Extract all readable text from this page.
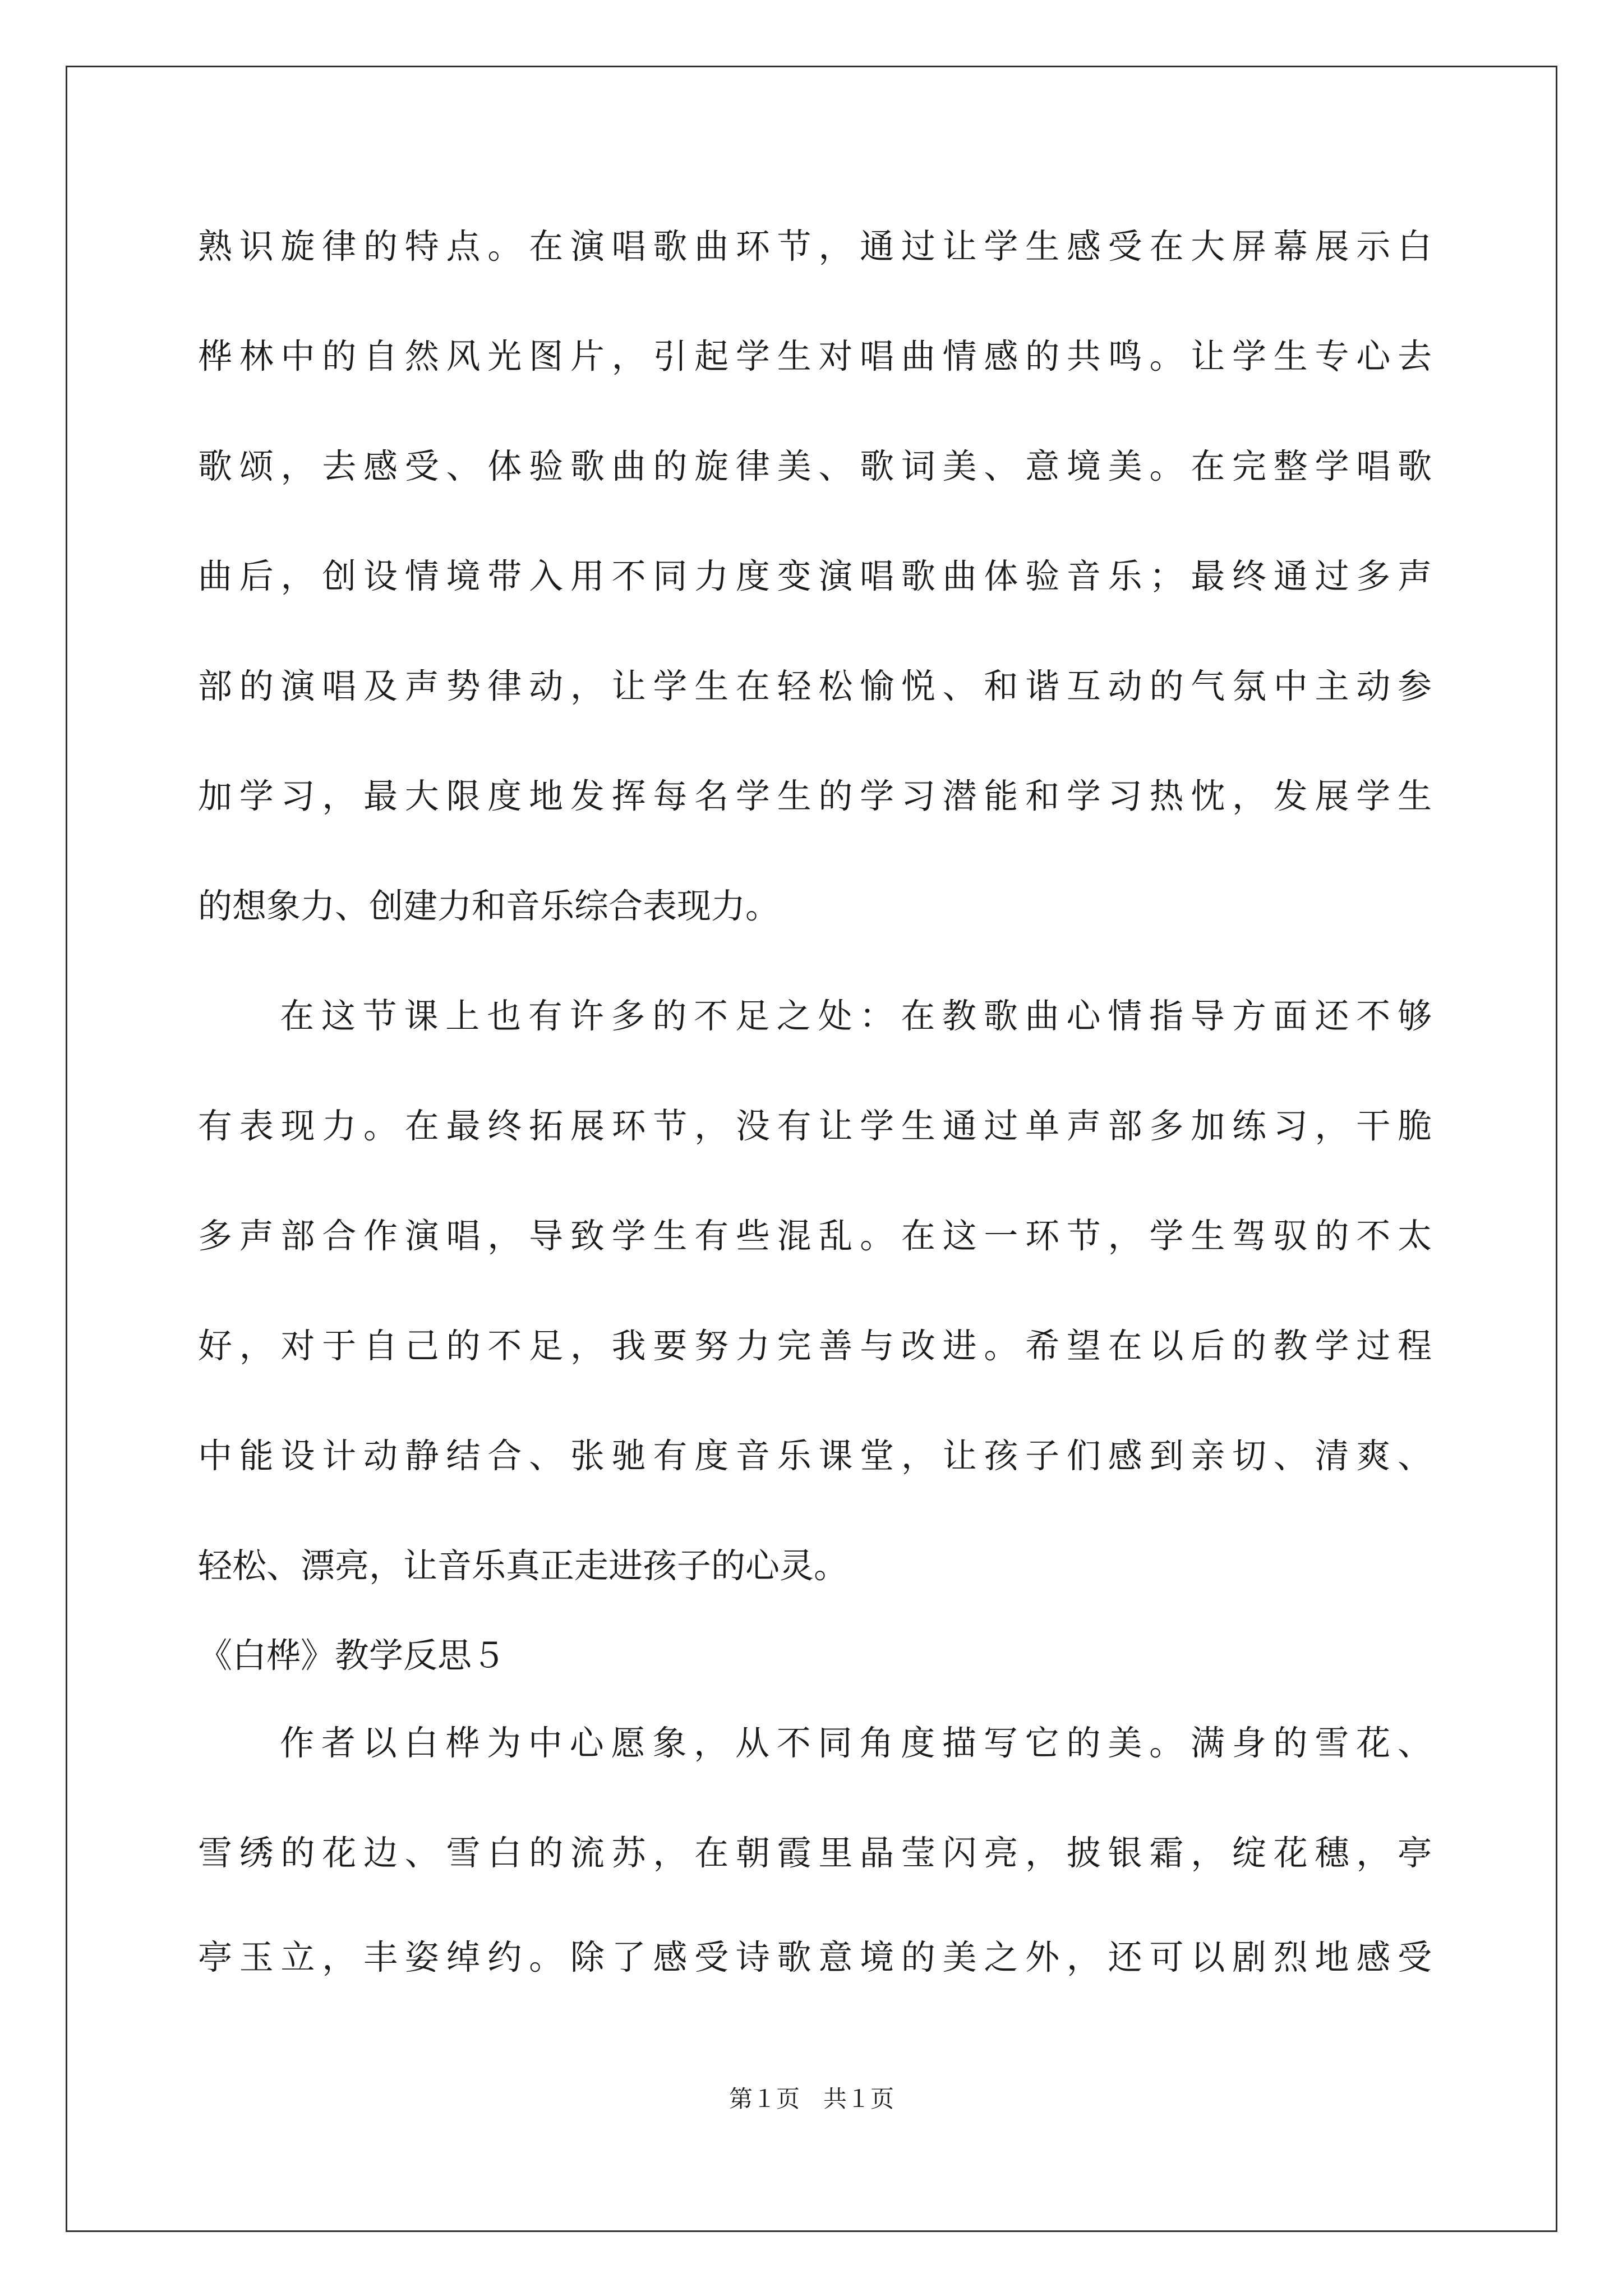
熟识旋律的特点。在演唱歌曲环节，通过让学生感受在大屏幕展示白
桦林中的自然风光图片，引起学生对唱曲情感的共鸣。让学生专心去
歌颂，去感受、体验歌曲的旋律美、歌词美、意境美。在完整学唱歌
曲后，创设情境带入用不同力度变演唱歌曲体验音乐；最终通过多声
部的演唱及声势律动，让学生在轻松愉悦、和谐互动的气氛中主动参
加学习，最大限度地发挥每名学生的学习潜能和学习热忱，发展学生
的想象力、创建力和音乐综合表现力。
在这节课上也有许多的不足之处：在教歌曲心情指导方面还不够
有表现力。在最终拓展环节，没有让学生通过单声部多加练习，干脆
多声部合作演唱，导致学生有些混乱。在这一环节，学生驾驭的不太
好，对于自己的不足，我要努力完善与改进。希望在以后的教学过程
中能设计动静结合、张驰有度音乐课堂，让孩子们感到亲切、清爽、
轻松、漂亮，让音乐真正走进孩子的心灵。
《白桦》教学反思５
作者以白桦为中心愿象，从不同角度描写它的美。满身的雪花、
雪绣的花边、雪白的流苏，在朝霞里晶莹闪亮，披银霜，绽花穗，亭
亭玉立，丰姿绰约。除了感受诗歌意境的美之外，还可以剧烈地感受
第１页　共１页
